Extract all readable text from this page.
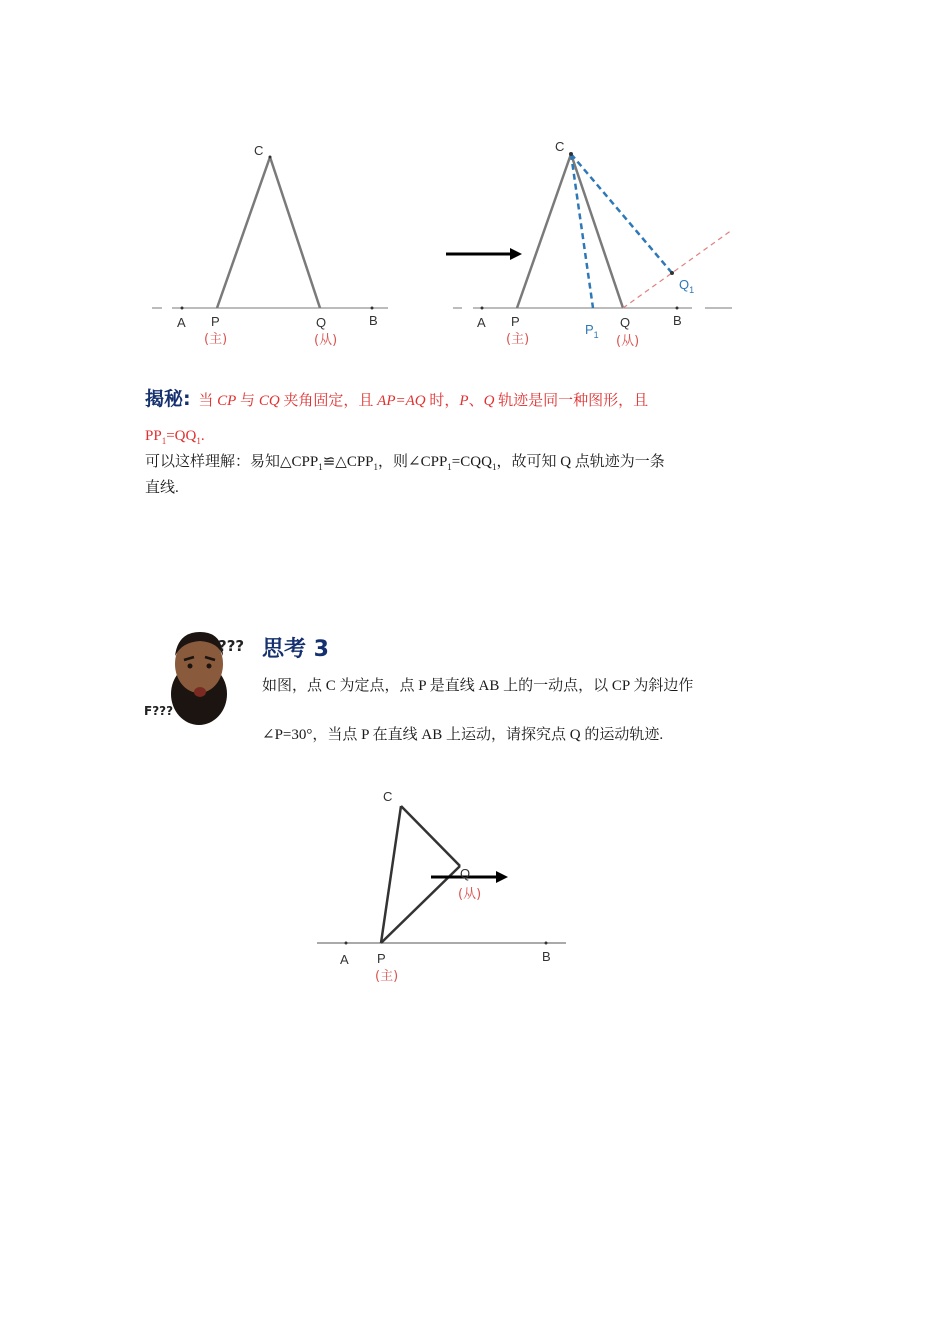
C
A P	Q	B
(主)	(从)
C
A P	Q	B
$P_1$
$Q_1$
(主)	(从)
揭秘: 当 CP 与 CQ 夹角固定，且 AP=AQ 时，P、Q 轨迹是同一种图形，且
$PP_1=QQ_1$.
可以这样理解：易知$\triangle CPP_1≌\triangle CPP_1$，则$\angle CPP_1=CQQ_1$，故可知 Q 点轨迹为一条
直线.
???
F???
思考 3
如图，点 C 为定点，点 P 是直线 AB 上的一动点，以 CP 为斜边作
∠P=30°，当点 P 在直线 AB 上运动，请探究点 Q 的运动轨迹.
C
Q
(从)
A P	B
(主)
